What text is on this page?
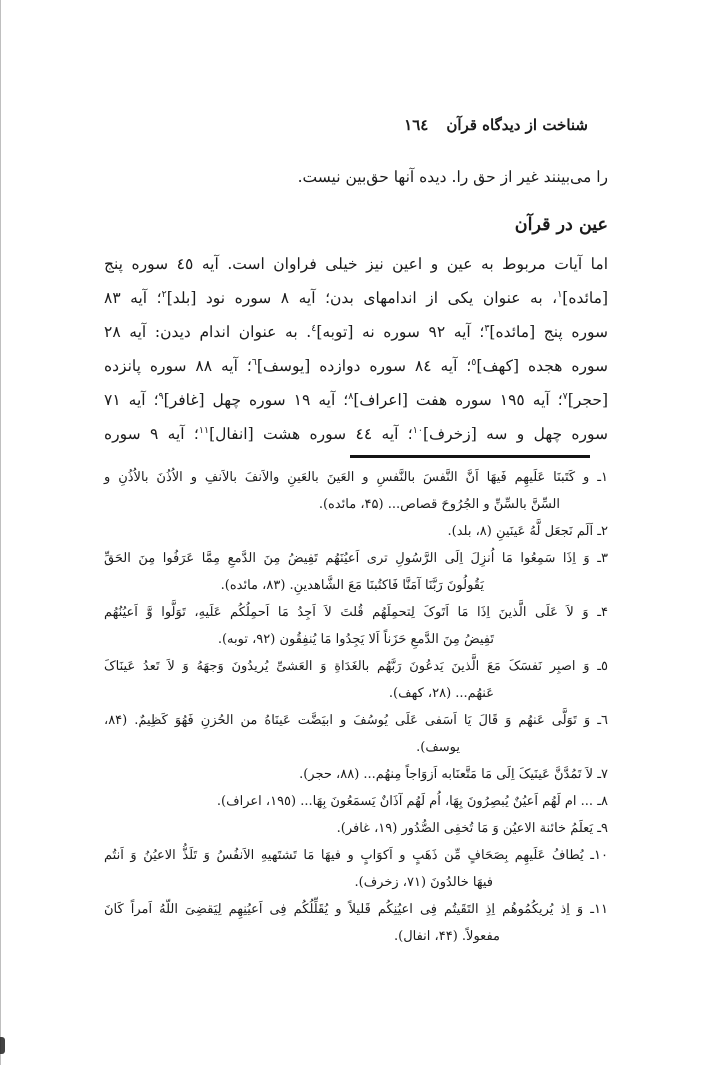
شناخت از دیدگاه قرآن
١٦٤
را می‌بینند غیر از حق را. دیده آنها حق‌بین نیست.
عین در قرآن
اما آیات مربوط به عین و اعین نیز خیلی فراوان است. آیه ٤٥ سوره پنج
[مائده]$^١$، به عنوان یکی از اندامهای بدن؛ آیه ٨ سوره نود [بلد]$^٢$؛ آیه ٨٣
سوره پنج [مائده]$^٣$؛ آیه ٩٢ سوره نه [توبه]$^٤$. به عنوان اندام دیدن: آیه ٢٨
سوره هجده [کهف]$^٥$؛ آیه ٨٤ سوره دوازده [یوسف]$^٦$؛ آیه ٨٨ سوره پانزده
[حجر]$^٧$؛ آیه ١٩٥ سوره هفت [اعراف]$^٨$؛ آیه ١٩ سوره چهل [غافر]$^٩$؛ آیه ٧١
سوره چهل و سه [زخرف]$^{١٠}$؛ آیه ٤٤ سوره هشت [انفال]$^{١١}$؛ آیه ٩ سوره
١ـ و کَتَبنَا عَلَیهِم فَیهَا اَنَّ النَّفسَ بالنَّفسِ و العَینَ بالعَینِ والاَنفَ بالاَنفِ و الاُذُنَ بالاُذُنِ و
السِّنَّ بالسِّنِّ و الجُرُوحَ قصاص... (۴۵، مائده).
٢ـ اَلَم نَجعَل لَّهُ عَینَینِ (٨، بلد).
٣ـ وَ اِذَا سَمِعُوا مَا اُنزِلَ اِلَی الرَّسُولِ تری اَعیُنَهُم تَفِیضُ مِنَ الدَّمعِ مِمَّا عَرَفُوا مِنَ الحَقِّ
یَقُولُونَ رَبَّنَا آمَنَّا فَاکتُبنَا مَعَ الشَّاهدینِ. (٨٣، مائده).
۴ـ وَ لاَ عَلَی الَّذینَ اِذَا مَا اَتَوکَ لِتحمِلَهُم قُلتَ لاَ اَجِدُ مَا اَحمِلُکُم عَلَیهِ، تَوَلَّوا وَّ اَعیُنُهُم
تَفِیضُ مِنَ الدَّمعِ حَزَناً اَلا یَجِدُوا مَا یُنفِقُون (٩٢، توبه).
٥ـ وَ اصبِر نَفسَکَ مَعَ الَّذینَ یَدعُونَ رَبَّهُم بالغَدَاةِ وَ العَشیِّ یُریدُونَ وَجهَهُ وَ لاَ تَعدُ عَینَاکَ
عَنهُم... (٢٨، کهف).
٦ـ وَ تَوَلَّی عَنهُم وَ قَالَ یَا اَسَفی عَلَی یُوسُفَ و ابیَضَّت عَینَاهُ من الحُزنِ فَهُوَ کَظِیمٌ. (٨۴،
یوسف).
٧ـ لاَ تَمُدَّنَّ عَینَیکَ اِلَی مَا مَتَّعنَابه اَزوَاجاً مِنهُم... (٨٨، حجر).
٨ـ ... ام لَهُم اَعیُنٌ یُبصِرُونَ بِهَا، اُم لَهُم آذَانٌ یَسمَعُونَ بِهَا... (١٩٥، اعراف).
٩ـ یَعلَمُ خائنة الاعیُن وَ مَا تُخفِی الصُّدُور (١٩، غافر).
١٠ـ یُطافُ عَلَیهِم بِصَحَافٍ مِّن ذَهَبٍ و اَکوَابٍ و فیهَا مَا تَشتَهیهِ الاَنفُسُ وَ تَلَذُّ الاعیُنُ وَ اَنتُم
فیهَا خالدُونَ (٧١، زخرف).
١١ـ وَ اِذ یُریکُمُوهُم اِذِ التَقَیتُم فِی اعیُنِکُم قَلیلاً و یُقَلِّلُکُم فِی اَعیُنِهِم لِیَقضِیَ اللّهُ اَمراً کَانَ
مفعولاً. (۴۴، انفال).
